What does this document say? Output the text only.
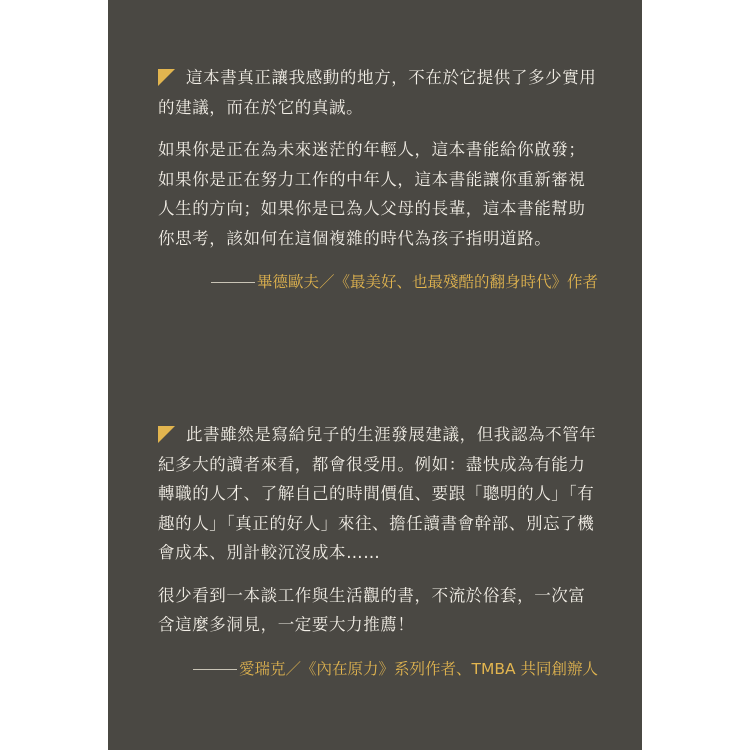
這本書真正讓我感動的地方，不在於它提供了多少實用的建議，而在於它的真誠。

如果你是正在為未來迷茫的年輕人，這本書能給你啟發；如果你是正在努力工作的中年人，這本書能讓你重新審視人生的方向；如果你是已為人父母的長輩，這本書能幫助你思考，該如何在這個複雜的時代為孩子指明道路。

畢德歐夫／《最美好、也最殘酷的翻身時代》作者

此書雖然是寫給兒子的生涯發展建議，但我認為不管年紀多大的讀者來看，都會很受用。例如：盡快成為有能力轉職的人才、了解自己的時間價值、要跟「聰明的人」「有趣的人」「真正的好人」來往、擔任讀書會幹部、別忘了機會成本、別計較沉沒成本……

很少看到一本談工作與生活觀的書，不流於俗套，一次富含這麼多洞見，一定要大力推薦！

愛瑞克／《內在原力》系列作者、TMBA 共同創辦人
